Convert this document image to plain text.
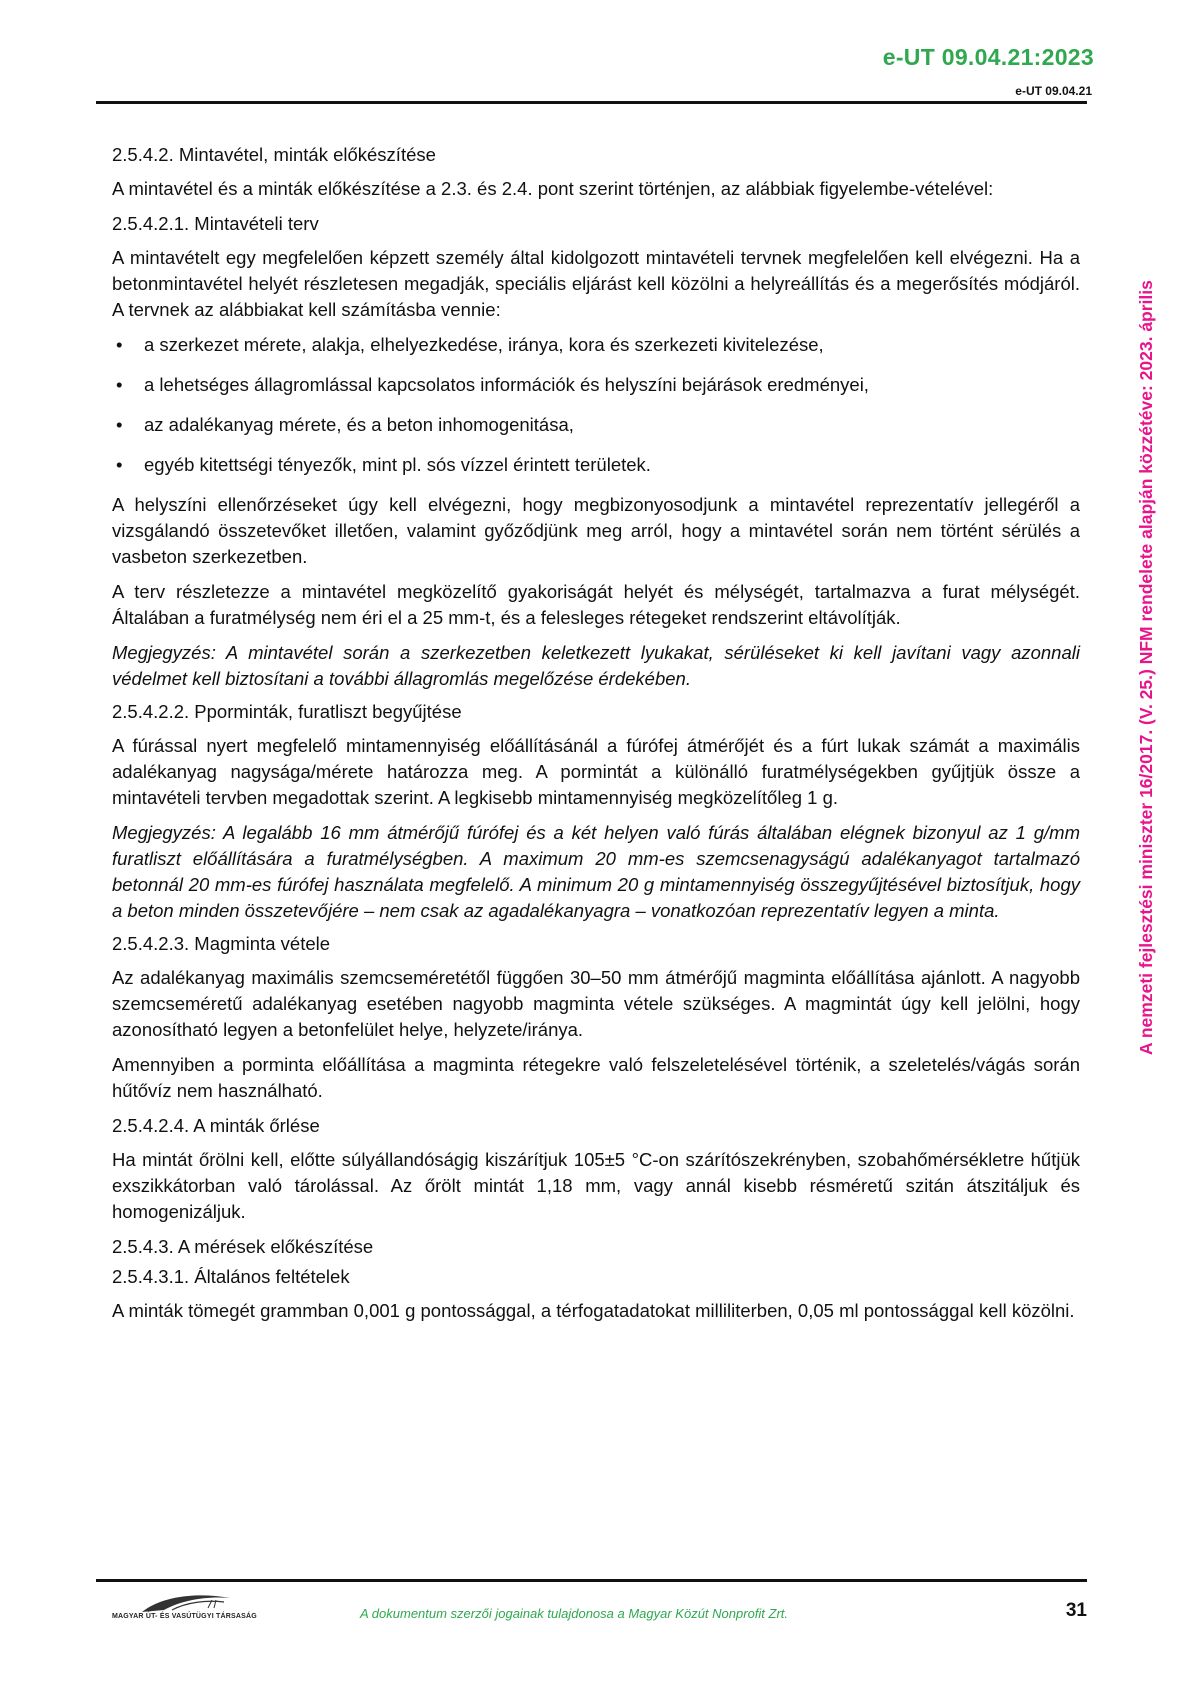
e-UT 09.04.21:2023
e-UT 09.04.21

2.5.4.2. Mintavétel, minták előkészítése

A mintavétel és a minták előkészítése a 2.3. és 2.4. pont szerint történjen, az alábbiak figyelembe-vételével:

2.5.4.2.1. Mintavételi terv

A mintavételt egy megfelelően képzett személy által kidolgozott mintavételi tervnek megfelelően kell elvégezni. Ha a betonmintavétel helyét részletesen megadják, speciális eljárást kell közölni a helyreállítás és a megerősítés módjáról. A tervnek az alábbiakat kell számításba vennie:

• a szerkezet mérete, alakja, elhelyezkedése, iránya, kora és szerkezeti kivitelezése,
• a lehetséges állagromlással kapcsolatos információk és helyszíni bejárások eredményei,
• az adalékanyag mérete, és a beton inhomogenitása,
• egyéb kitettségi tényezők, mint pl. sós vízzel érintett területek.

A helyszíni ellenőrzéseket úgy kell elvégezni, hogy megbizonyosodjunk a mintavétel reprezentatív jellegéről a vizsgálandó összetevőket illetően, valamint győződjünk meg arról, hogy a mintavétel során nem történt sérülés a vasbeton szerkezetben.

A terv részletezze a mintavétel megközelítő gyakoriságát helyét és mélységét, tartalmazva a furat mélységét. Általában a furatmélység nem éri el a 25 mm-t, és a felesleges rétegeket rendszerint eltávolítják.

Megjegyzés: A mintavétel során a szerkezetben keletkezett lyukakat, sérüléseket ki kell javítani vagy azonnali védelmet kell biztosítani a további állagromlás megelőzése érdekében.

2.5.4.2.2. Pporminták, furatliszt begyűjtése

A fúrással nyert megfelelő mintamennyiség előállításánál a fúrófej átmérőjét és a fúrt lukak számát a maximális adalékanyag nagysága/mérete határozza meg. A pormintát a különálló furatmélységekben gyűjtjük össze a mintavételi tervben megadottak szerint. A legkisebb mintamennyiség megközelítőleg 1 g.

Megjegyzés: A legalább 16 mm átmérőjű fúrófej és a két helyen való fúrás általában elégnek bizonyul az 1 g/mm furatliszt előállítására a furatmélységben. A maximum 20 mm-es szemcsenagyságú adalékanyagot tartalmazó betonnál 20 mm-es fúrófej használata megfelelő. A minimum 20 g mintamennyiség összegyűjtésével biztosítjuk, hogy a beton minden összetevőjére – nem csak az agadalékanyagra – vonatkozóan reprezentatív legyen a minta.

2.5.4.2.3. Magminta vétele

Az adalékanyag maximális szemcseméretétől függően 30–50 mm átmérőjű magminta előállítása ajánlott. A nagyobb szemcseméretű adalékanyag esetében nagyobb magminta vétele szükséges. A magmintát úgy kell jelölni, hogy azonosítható legyen a betonfelület helye, helyzete/iránya.

Amennyiben a porminta előállítása a magminta rétegekre való felszeletelésével történik, a szeletelés/vágás során hűtővíz nem használható.

2.5.4.2.4. A minták őrlése

Ha mintát őrölni kell, előtte súlyállandóságig kiszárítjuk 105±5 °C-on szárítószekrényben, szobahőmérsékletre hűtjük exszikkátorban való tárolással. Az őrölt mintát 1,18 mm, vagy annál kisebb résméretű szitán átszitáljuk és homogenizáljuk.

2.5.4.3. A mérések előkészítése

2.5.4.3.1. Általános feltételek

A minták tömegét grammban 0,001 g pontossággal, a térfogatadatokat milliliterben, 0,05 ml pontossággal kell közölni.

A nemzeti fejlesztési miniszter 16/2017. (V. 25.) NFM rendelete alapján közzétéve: 2023. április
MAGYAR ÚT- ÉS VASÚTÜGYI TÁRSASÁG	A dokumentum szerzői jogainak tulajdonosa a Magyar Közút Nonprofit Zrt.	31
